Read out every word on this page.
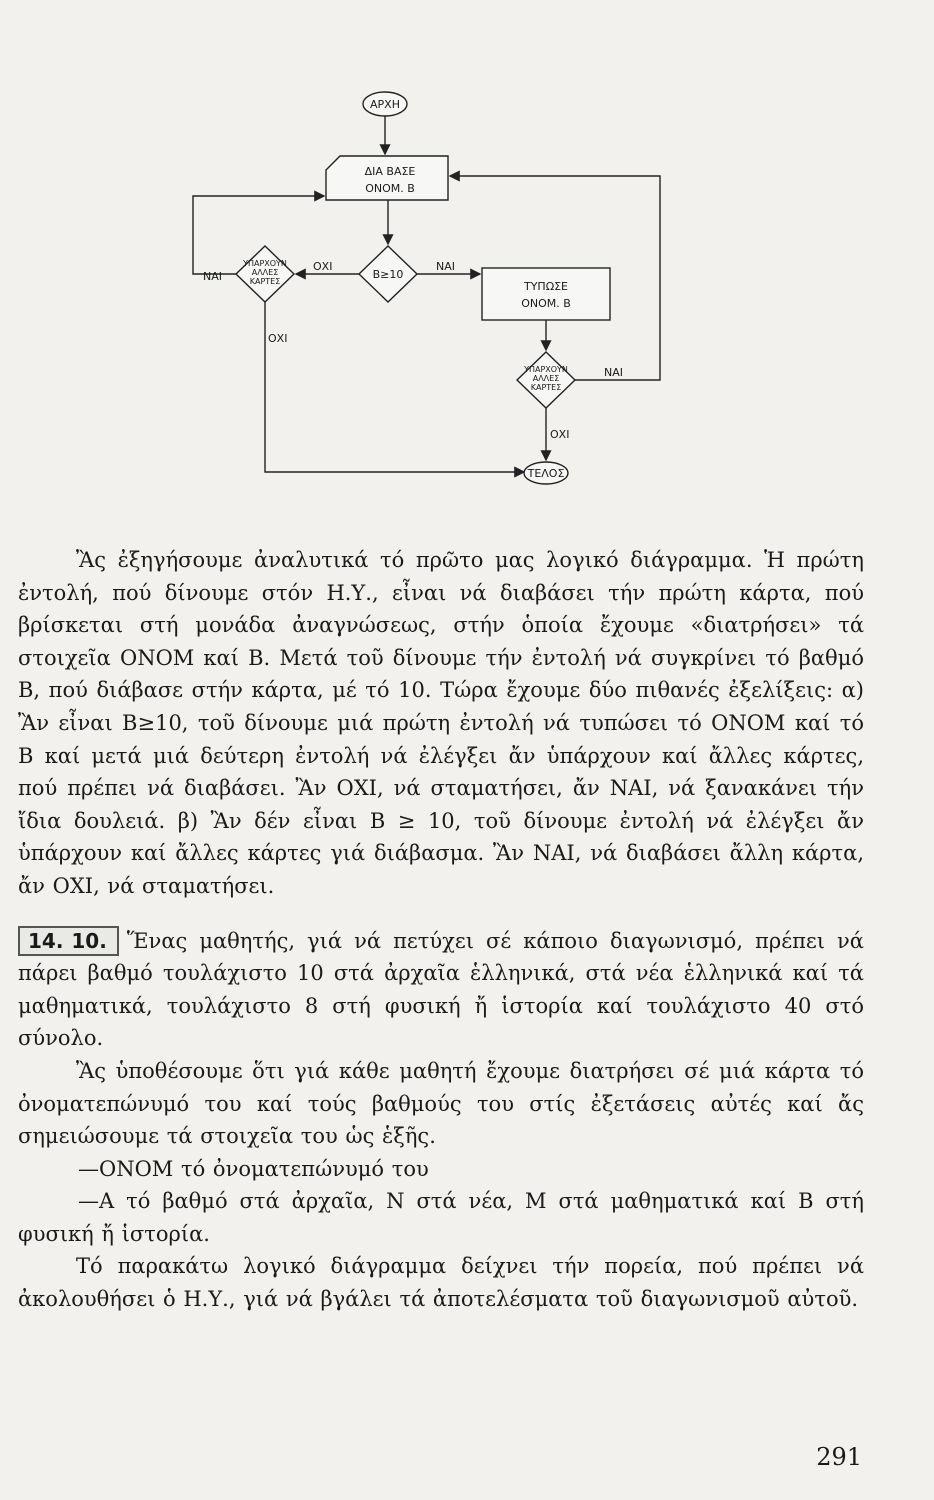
ΑΡΧΗ
ΔΙΑ ΒΑΣΕ
ΟΝΟΜ. Β
Β≥10
ΝΑΙ
ΟΧΙ
ΥΠΑΡΧΟΥΝ
ΑΛΛΕΣ
ΚΑΡΤΕΣ
ΝΑΙ
ΟΧΙ
ΤΥΠΩΣΕ
ΟΝΟΜ. Β
ΥΠΑΡΧΟΥΝ
ΑΛΛΕΣ
ΚΑΡΤΕΣ
ΝΑΙ
ΟΧΙ
ΤΕΛΟΣ

Ἂς ἐξηγήσουμε ἀναλυτικά τό πρῶτο μας λογικό διάγραμμα. Ἡ πρώτη ἐντολή, πού δίνουμε στόν Η.Υ., εἶναι νά διαβάσει τήν πρώτη κάρτα, πού βρίσκεται στή μονάδα ἀναγνώσεως, στήν ὁποία ἔχουμε «διατρήσει» τά στοιχεῖα ΟΝΟΜ καί Β. Μετά τοῦ δίνουμε τήν ἐντολή νά συγκρίνει τό βαθμό Β, πού διάβασε στήν κάρτα, μέ τό 10. Τώρα ἔχουμε δύο πιθανές ἐξελίξεις: α) Ἂν εἶναι Β≥10, τοῦ δίνουμε μιά πρώτη ἐντολή νά τυπώσει τό ΟΝΟΜ καί τό Β καί μετά μιά δεύτερη ἐντολή νά ἐλέγξει ἄν ὑπάρχουν καί ἄλλες κάρτες, πού πρέπει νά διαβάσει. Ἂν ΟΧΙ, νά σταματήσει, ἄν ΝΑΙ, νά ξανακάνει τήν ἴδια δουλειά. β) Ἂν δέν εἶναι Β ≥ 10, τοῦ δίνουμε ἐντολή νά ἐλέγξει ἄν ὑπάρχουν καί ἄλλες κάρτες γιά διάβασμα. Ἂν ΝΑΙ, νά διαβάσει ἄλλη κάρτα, ἄν ΟΧΙ, νά σταματήσει.

14. 10. Ἕνας μαθητής, γιά νά πετύχει σέ κάποιο διαγωνισμό, πρέπει νά πάρει βαθμό τουλάχιστο 10 στά ἀρχαῖα ἑλληνικά, στά νέα ἑλληνικά καί τά μαθηματικά, τουλάχιστο 8 στή φυσική ἤ ἱστορία καί τουλάχιστο 40 στό σύνολο.

Ἂς ὑποθέσουμε ὅτι γιά κάθε μαθητή ἔχουμε διατρήσει σέ μιά κάρτα τό ὀνοματεπώνυμό του καί τούς βαθμούς του στίς ἐξετάσεις αὐτές καί ἄς σημειώσουμε τά στοιχεῖα του ὡς ἑξῆς.

—ΟΝΟΜ τό ὀνοματεπώνυμό του

—Α τό βαθμό στά ἀρχαῖα, Ν στά νέα, Μ στά μαθηματικά καί Β στή φυσική ἤ ἱστορία.

Τό παρακάτω λογικό διάγραμμα δείχνει τήν πορεία, πού πρέπει νά ἀκολουθήσει ὁ Η.Υ., γιά νά βγάλει τά ἀποτελέσματα τοῦ διαγωνισμοῦ αὐτοῦ.

291
